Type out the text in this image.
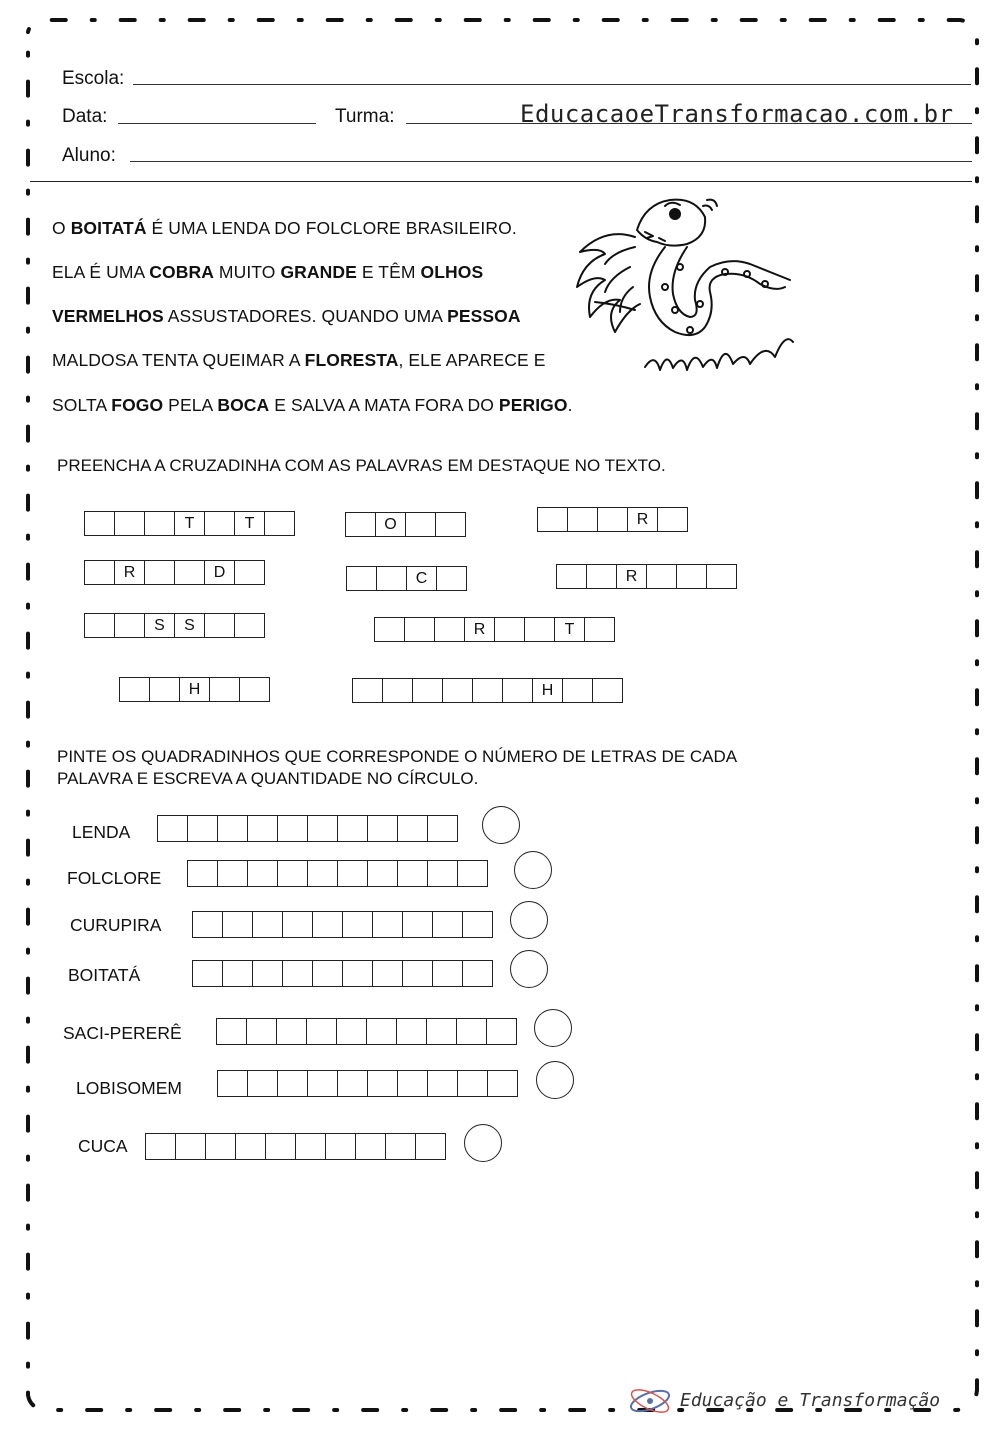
Escola:
Data:	Turma:	EducacaoeTransformacao.com.br
Aluno:

O BOITATÁ É UMA LENDA DO FOLCLORE BRASILEIRO.

ELA É UMA COBRA MUITO GRANDE E TÊM OLHOS

VERMELHOS ASSUSTADORES. QUANDO UMA PESSOA

MALDOSA TENTA QUEIMAR A FLORESTA, ELE APARECE E

SOLTA FOGO PELA BOCA E SALVA A MATA FORA DO PERIGO.

PREENCHA A CRUZADINHA COM AS PALAVRAS EM DESTAQUE NO TEXTO.

T	T	O	R
R	D	C	R
S	S	R	T
H	H

PINTE OS QUADRADINHOS QUE CORRESPONDE O NÚMERO DE LETRAS DE CADA PALAVRA E ESCREVA A QUANTIDADE NO CÍRCULO.

LENDA
FOLCLORE
CURUPIRA
BOITATÁ
SACI-PERERÊ
LOBISOMEM
CUCA
Educação e Transformação
